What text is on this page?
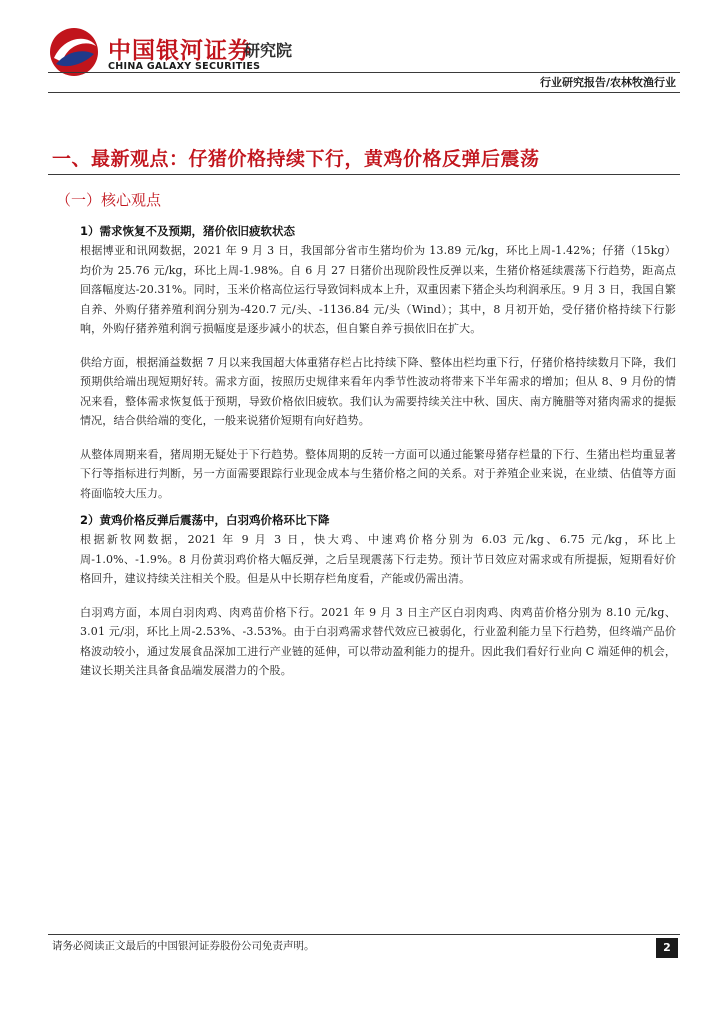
中国银河证券
研究院
CHINA GALAXY SECURITIES
行业研究报告/农林牧渔行业
一、最新观点：仔猪价格持续下行，黄鸡价格反弹后震荡
（一）核心观点
1）需求恢复不及预期，猪价依旧疲软状态

根据博亚和讯网数据，2021 年 9 月 3 日，我国部分省市生猪均价为 13.89 元/kg，环比上周-1.42%；仔猪（15kg）均价为 25.76 元/kg，环比上周-1.98%。自 6 月 27 日猪价出现阶段性反弹以来，生猪价格延续震荡下行趋势，距高点回落幅度达-20.31%。同时，玉米价格高位运行导致饲料成本上升，双重因素下猪企头均利润承压。9 月 3 日，我国自繁自养、外购仔猪养殖利润分别为-420.7 元/头、-1136.84 元/头（Wind）；其中，8 月初开始，受仔猪价格持续下行影响，外购仔猪养殖利润亏损幅度是逐步减小的状态，但自繁自养亏损依旧在扩大。

供给方面，根据涌益数据 7 月以来我国超大体重猪存栏占比持续下降、整体出栏均重下行，仔猪价格持续数月下降，我们预期供给端出现短期好转。需求方面，按照历史规律来看年内季节性波动将带来下半年需求的增加；但从 8、9 月份的情况来看，整体需求恢复低于预期，导致价格依旧疲软。我们认为需要持续关注中秋、国庆、南方腌腊等对猪肉需求的提振情况，结合供给端的变化，一般来说猪价短期有向好趋势。

从整体周期来看，猪周期无疑处于下行趋势。整体周期的反转一方面可以通过能繁母猪存栏量的下行、生猪出栏均重显著下行等指标进行判断，另一方面需要跟踪行业现金成本与生猪价格之间的关系。对于养殖企业来说，在业绩、估值等方面将面临较大压力。

2）黄鸡价格反弹后震荡中，白羽鸡价格环比下降

根据新牧网数据，2021 年 9 月 3 日，快大鸡、中速鸡价格分别为 6.03 元/kg、6.75 元/kg，环比上周-1.0%、-1.9%。8 月份黄羽鸡价格大幅反弹，之后呈现震荡下行走势。预计节日效应对需求或有所提振，短期看好价格回升，建议持续关注相关个股。但是从中长期存栏角度看，产能或仍需出清。

白羽鸡方面，本周白羽肉鸡、肉鸡苗价格下行。2021 年 9 月 3 日主产区白羽肉鸡、肉鸡苗价格分别为 8.10 元/kg、3.01 元/羽，环比上周-2.53%、-3.53%。由于白羽鸡需求替代效应已被弱化，行业盈利能力呈下行趋势，但终端产品价格波动较小，通过发展食品深加工进行产业链的延伸，可以带动盈利能力的提升。因此我们看好行业向 C 端延伸的机会，建议长期关注具备食品端发展潜力的个股。

请务必阅读正文最后的中国银河证券股份公司免责声明。	2
